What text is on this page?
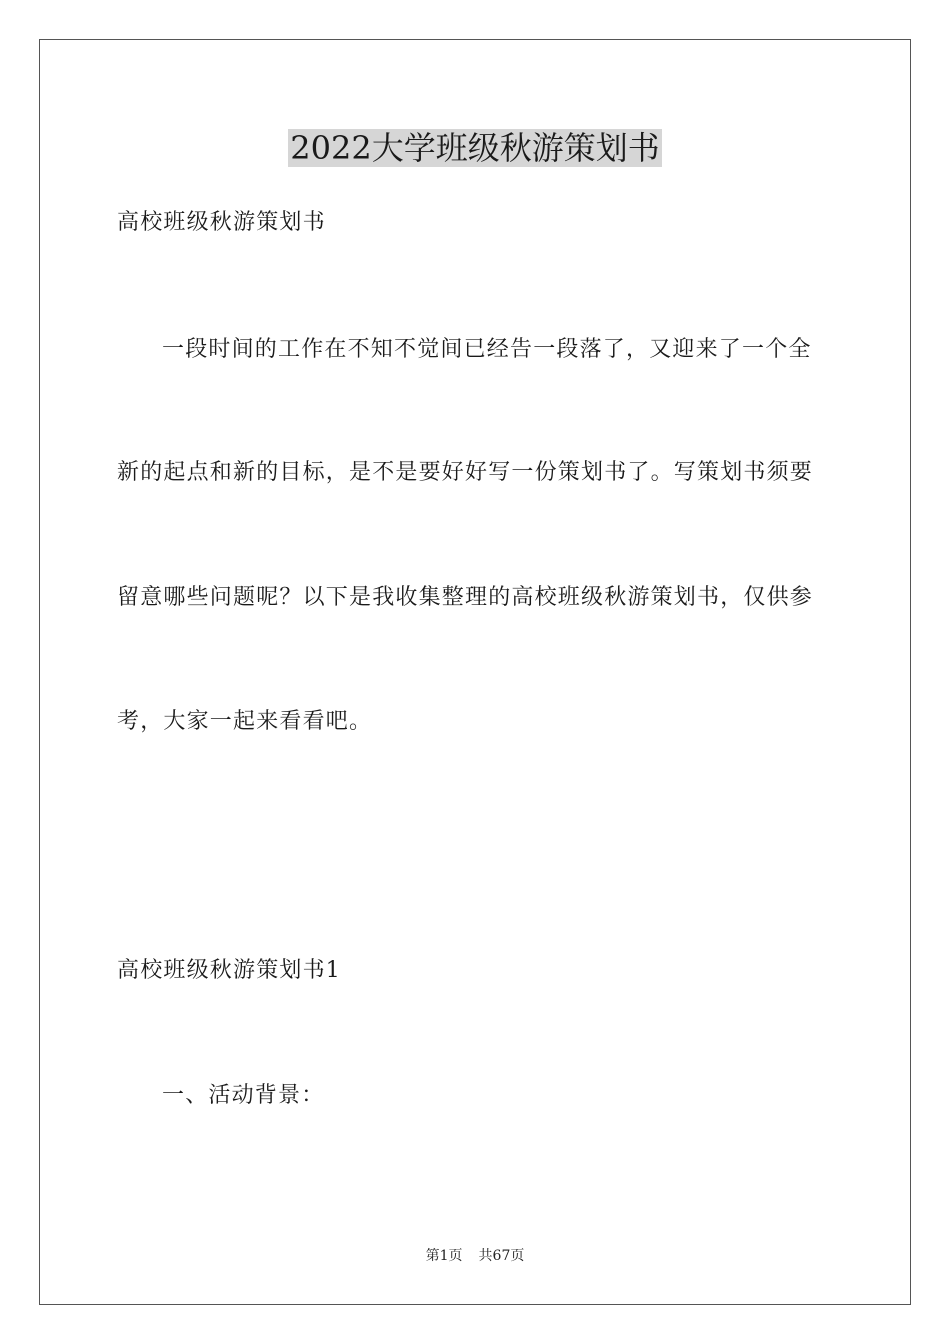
2022大学班级秋游策划书

高校班级秋游策划书

一段时间的工作在不知不觉间已经告一段落了，又迎来了一个全

新的起点和新的目标，是不是要好好写一份策划书了。写策划书须要

留意哪些问题呢？以下是我收集整理的高校班级秋游策划书，仅供参

考，大家一起来看看吧。

高校班级秋游策划书1

一、活动背景：

第1页 共67页
